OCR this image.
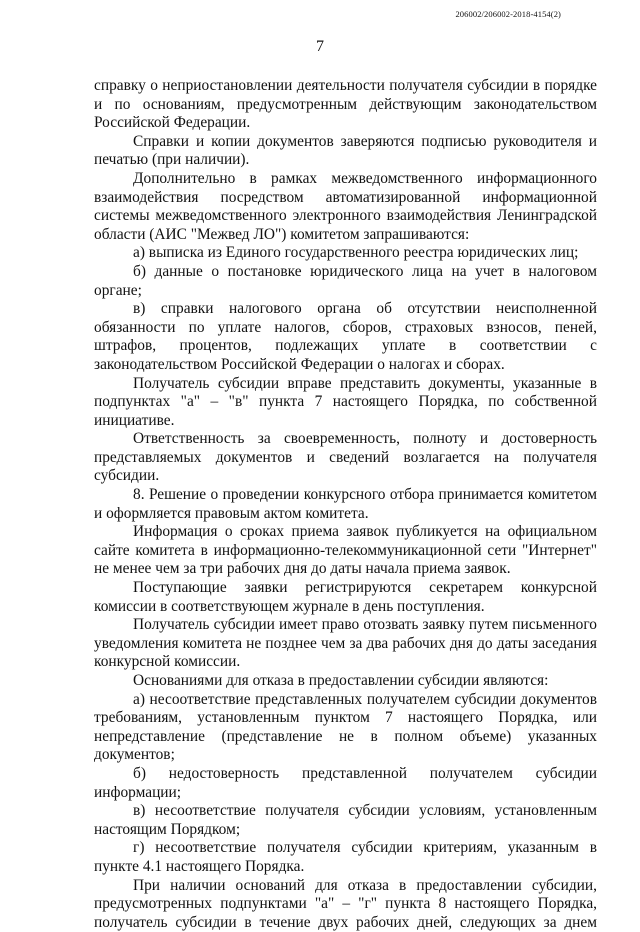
206002/206002-2018-4154(2)
7

справку о неприостановлении деятельности получателя субсидии в порядке и по основаниям, предусмотренным действующим законодательством Российской Федерации.

Справки и копии документов заверяются подписью руководителя и печатью (при наличии).

Дополнительно в рамках межведомственного информационного взаимодействия посредством автоматизированной информационной системы межведомственного электронного взаимодействия Ленинградской области (АИС "Межвед ЛО") комитетом запрашиваются:

а) выписка из Единого государственного реестра юридических лиц;

б) данные о постановке юридического лица на учет в налоговом органе;

в) справки налогового органа об отсутствии неисполненной обязанности по уплате налогов, сборов, страховых взносов, пеней, штрафов, процентов, подлежащих уплате в соответствии с законодательством Российской Федерации о налогах и сборах.

Получатель субсидии вправе представить документы, указанные в подпунктах "а" – "в" пункта 7 настоящего Порядка, по собственной инициативе.

Ответственность за своевременность, полноту и достоверность представляемых документов и сведений возлагается на получателя субсидии.

8. Решение о проведении конкурсного отбора принимается комитетом и оформляется правовым актом комитета.

Информация о сроках приема заявок публикуется на официальном сайте комитета в информационно-телекоммуникационной сети "Интернет" не менее чем за три рабочих дня до даты начала приема заявок.

Поступающие заявки регистрируются секретарем конкурсной комиссии в соответствующем журнале в день поступления.

Получатель субсидии имеет право отозвать заявку путем письменного уведомления комитета не позднее чем за два рабочих дня до даты заседания конкурсной комиссии.

Основаниями для отказа в предоставлении субсидии являются:

а) несоответствие представленных получателем субсидии документов требованиям, установленным пунктом 7 настоящего Порядка, или непредставление (представление не в полном объеме) указанных документов;

б) недостоверность представленной получателем субсидии информации;

в) несоответствие получателя субсидии условиям, установленным настоящим Порядком;

г) несоответствие получателя субсидии критериям, указанным в пункте 4.1 настоящего Порядка.

При наличии оснований для отказа в предоставлении субсидии, предусмотренных подпунктами "а" – "г" пункта 8 настоящего Порядка, получатель субсидии в течение двух рабочих дней, следующих за днем
